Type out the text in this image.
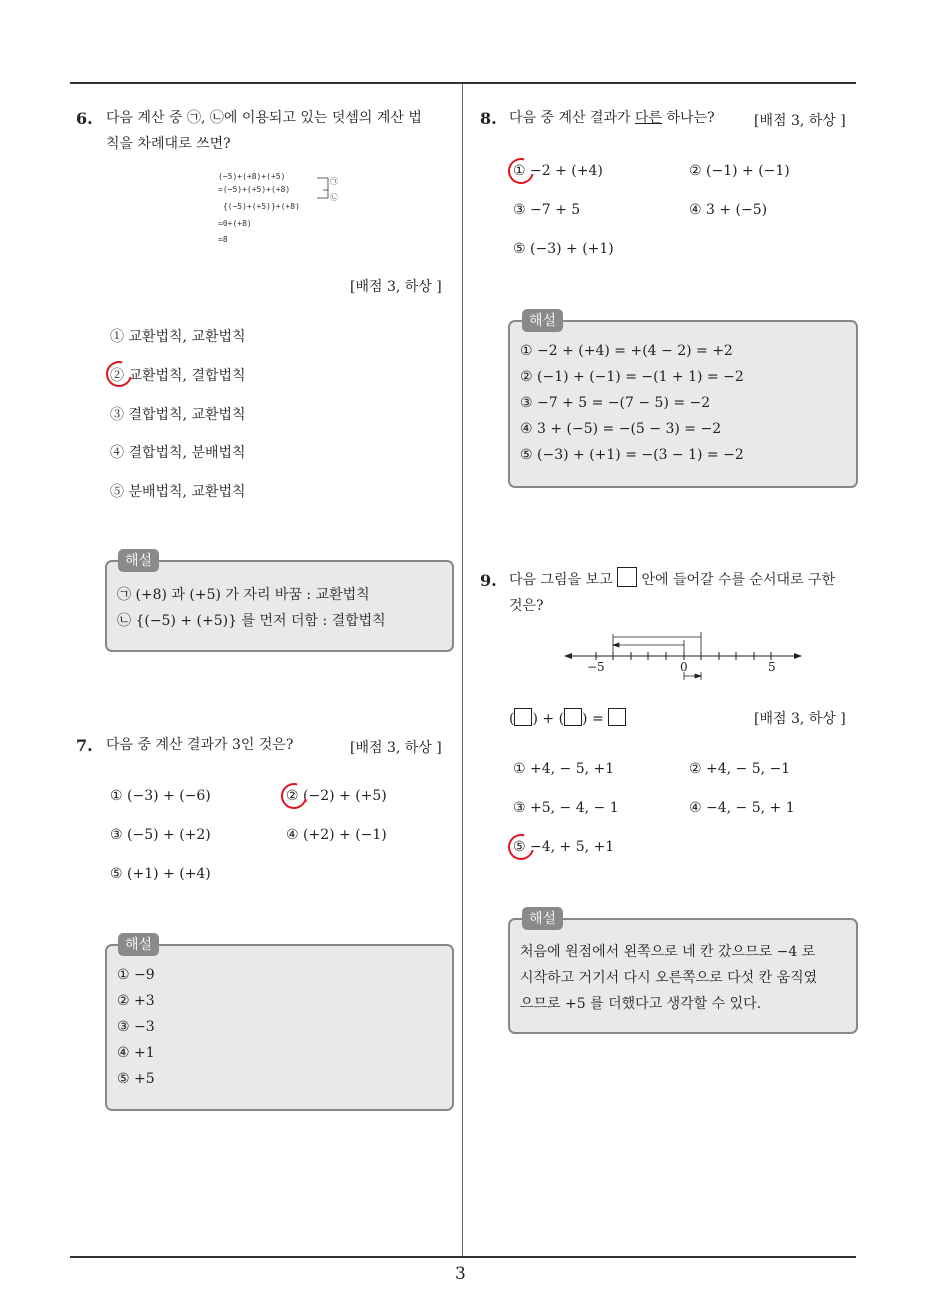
3
6. 다음 계산 중 ㉠, ㉡에 이용되고 있는 덧셈의 계산 법
칙을 차례대로 쓰면?
(−5)+(+8)+(+5)
=(−5)+(+5)+(+8)
{(−5)+(+5)}+(+8)
=0+(+8)
=8
㉠
㉡
[배점 3, 하상 ]
① 교환법칙, 교환법칙
② 교환법칙, 결합법칙
③ 결합법칙, 교환법칙
④ 결합법칙, 분배법칙
⑤ 분배법칙, 교환법칙
해설
㉠ (+8) 과 (+5) 가 자리 바꿈 : 교환법칙
㉡ {(−5) + (+5)} 를 먼저 더함 : 결합법칙
7. 다음 중 계산 결과가 3인 것은?	[배점 3, 하상 ]
① (−3) + (−6)	② (−2) + (+5)
③ (−5) + (+2)	④ (+2) + (−1)
⑤ (+1) + (+4)
해설
① −9
② +3
③ −3
④ +1
⑤ +5
8. 다음 중 계산 결과가 다른 하나는?	[배점 3, 하상 ]
① −2 + (+4)	② (−1) + (−1)
③ −7 + 5	④ 3 + (−5)
⑤ (−3) + (+1)
해설
① −2 + (+4) = +(4 − 2) = +2
② (−1) + (−1) = −(1 + 1) = −2
③ −7 + 5 = −(7 − 5) = −2
④ 3 + (−5) = −(5 − 3) = −2
⑤ (−3) + (+1) = −(3 − 1) = −2
9. 다음 그림을 보고 안에 들어갈 수를 순서대로 구한
것은?
−5	0	5
( ) + ( ) =	[배점 3, 하상 ]
① +4, − 5, +1	② +4, − 5, −1
③ +5, − 4, − 1	④ −4, − 5, + 1
⑤ −4, + 5, +1
해설
처음에 원점에서 왼쪽으로 네 칸 갔으므로 −4 로
시작하고 거기서 다시 오른쪽으로 다섯 칸 움직였
으므로 +5 를 더했다고 생각할 수 있다.
